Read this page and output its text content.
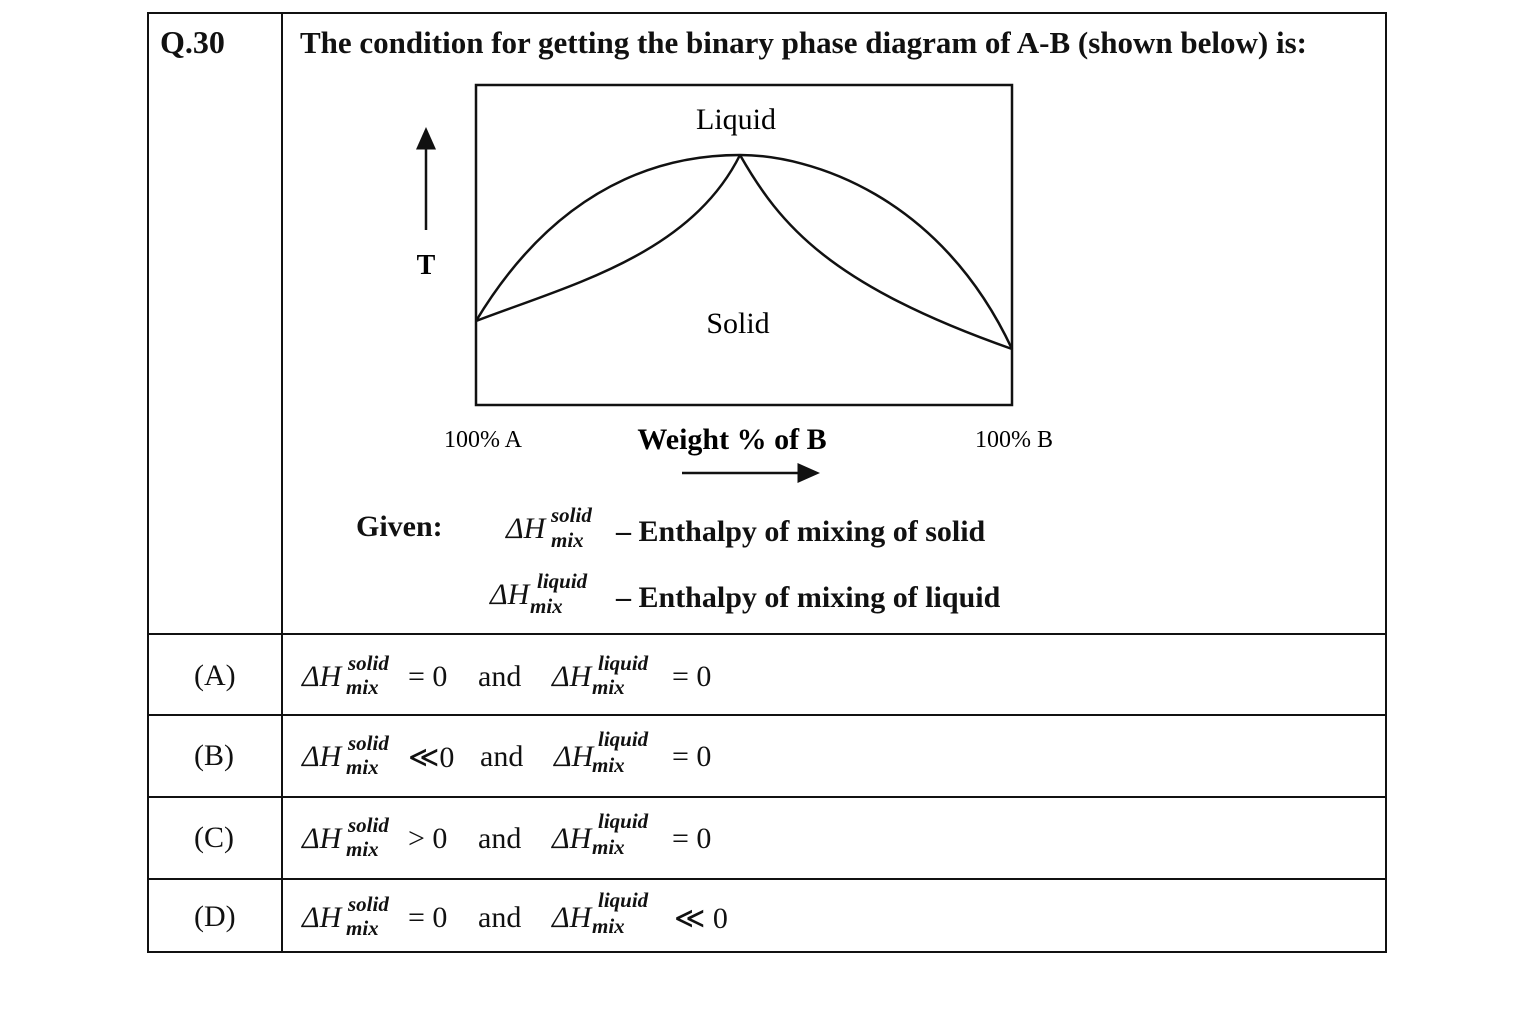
Q.30 The condition for getting the binary phase diagram of A-B (shown below) is:
Liquid
Solid
T
100% A	Weight % of B	100% B
Given: ΔH solid
mix – Enthalpy of mixing of solid
ΔH liquid
mix – Enthalpy of mixing of liquid
(A) ΔH solid
mix = 0 and ΔH liquid
mix = 0
(B) ΔH solid
mix ≪0 and ΔH
liquid
mix = 0
(C) ΔH solid
mix > 0 and ΔH
liquid
mix = 0
(D) ΔH solid
mix = 0 and ΔH
liquid
mix ≪ 0
